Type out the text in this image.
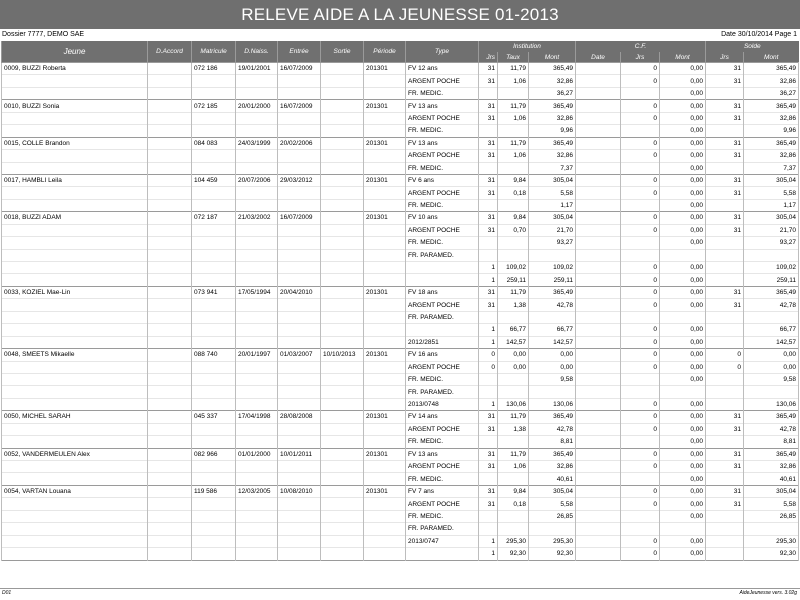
RELEVE AIDE A LA JEUNESSE 01-2013
Dossier 7777, DEMO SAE	Date 30/10/2014 Page 1
Jeune	D.Accord	Matricule	D.Naiss.	Entrée	Sortie	Période	Type	Institution			C.F.			Solde	
								Jrs	Taux	Mont	Date	Jrs	Mont	Jrs	Mont
0009, BUZZI Roberta		072 186	19/01/2001	16/07/2009		201301	FV 12 ans	31	11,79	365,49		0	0,00	31	365,49
							ARGENT POCHE	31	1,06	32,86		0	0,00	31	32,86
							FR. MEDIC.			36,27			0,00		36,27
0010, BUZZI Sonia		072 185	20/01/2000	16/07/2009		201301	FV 13 ans	31	11,79	365,49		0	0,00	31	365,49
							ARGENT POCHE	31	1,06	32,86		0	0,00	31	32,86
							FR. MEDIC.			9,96			0,00		9,96
0015, COLLE Brandon		084 083	24/03/1999	20/02/2006		201301	FV 13 ans	31	11,79	365,49		0	0,00	31	365,49
							ARGENT POCHE	31	1,06	32,86		0	0,00	31	32,86
							FR. MEDIC.			7,37			0,00		7,37
0017, HAMBLI Leila		104 459	20/07/2006	29/03/2012		201301	FV 6 ans	31	9,84	305,04		0	0,00	31	305,04
							ARGENT POCHE	31	0,18	5,58		0	0,00	31	5,58
							FR. MEDIC.			1,17			0,00		1,17
0018, BUZZI ADAM		072 187	21/03/2002	16/07/2009		201301	FV 10 ans	31	9,84	305,04		0	0,00	31	305,04
							ARGENT POCHE	31	0,70	21,70		0	0,00	31	21,70
							FR. MEDIC.			93,27			0,00		93,27
							FR. PARAMED.								
								1	109,02	109,02		0	0,00		109,02
								1	259,11	259,11		0	0,00		259,11
0033, KOZIEL Mae-Lin		073 941	17/05/1994	20/04/2010		201301	FV 18 ans	31	11,79	365,49		0	0,00	31	365,49
							ARGENT POCHE	31	1,38	42,78		0	0,00	31	42,78
							FR. PARAMED.								
								1	66,77	66,77		0	0,00		66,77
							2012/2851	1	142,57	142,57		0	0,00		142,57
0048, SMEETS Mikaelle		088 740	20/01/1997	01/03/2007	10/10/2013	201301	FV 16 ans	0	0,00	0,00		0	0,00	0	0,00
							ARGENT POCHE	0	0,00	0,00		0	0,00	0	0,00
							FR. MEDIC.			9,58			0,00		9,58
							FR. PARAMED.								
							2013/0748	1	130,06	130,06		0	0,00		130,06
0050, MICHEL SARAH		045 337	17/04/1998	28/08/2008		201301	FV 14 ans	31	11,79	365,49		0	0,00	31	365,49
							ARGENT POCHE	31	1,38	42,78		0	0,00	31	42,78
							FR. MEDIC.			8,81			0,00		8,81
0052, VANDERMEULEN Alex		082 966	01/01/2000	10/01/2011		201301	FV 13 ans	31	11,79	365,49		0	0,00	31	365,49
							ARGENT POCHE	31	1,06	32,86		0	0,00	31	32,86
							FR. MEDIC.			40,61			0,00		40,61
0054, VARTAN Louana		119 586	12/03/2005	10/08/2010		201301	FV 7 ans	31	9,84	305,04		0	0,00	31	305,04
							ARGENT POCHE	31	0,18	5,58		0	0,00	31	5,58
							FR. MEDIC.			26,85			0,00		26,85
							FR. PARAMED.								
							2013/0747	1	295,30	295,30		0	0,00		295,30
								1	92,30	92,30		0	0,00		92,30
D01	AideJeunesse vers. 3.02g
